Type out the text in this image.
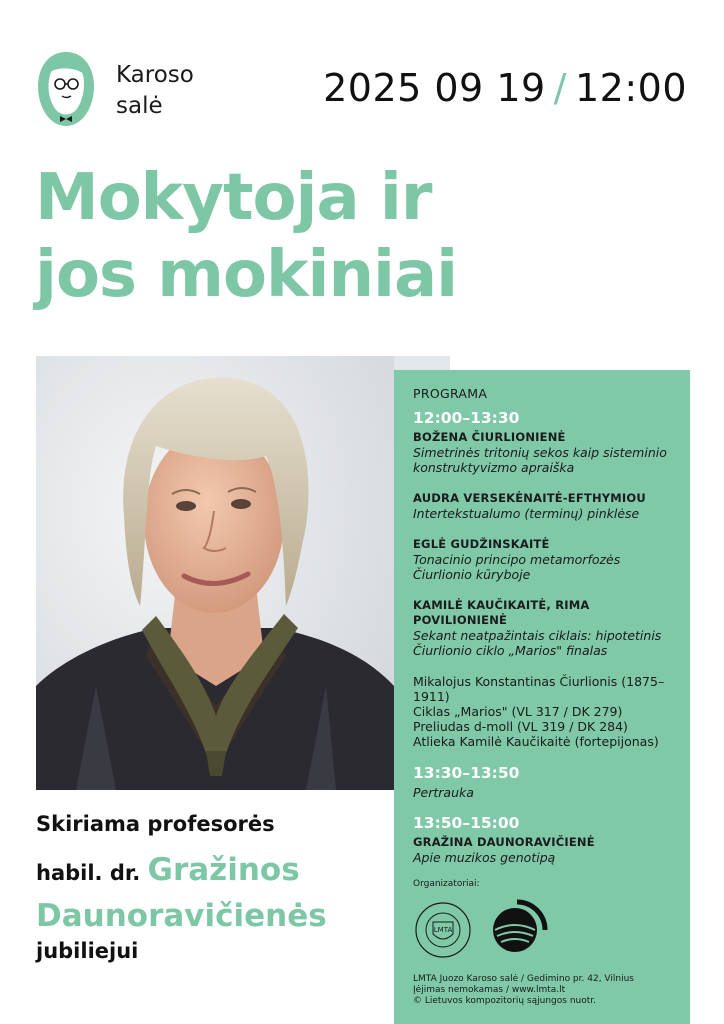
Karoso
salė	2025 09 19 / 12:00
Mokytoja ir
jos mokiniai
Skiriama profesorės
habil. dr. Gražinos
Daunoravičienės
jubiliejui
PROGRAMA
12:00–13:30
BOŽENA ČIURLIONIENĖ
Simetrinės tritonių sekos kaip sisteminio konstruktyvizmo apraiška
AUDRA VERSEKĖNAITĖ-EFTHYMIOU
Intertekstualumo (terminų) pinklėse
EGLĖ GUDŽINSKAITĖ
Tonacinio principo metamorfozės Čiurlionio kūryboje
KAMILĖ KAUČIKAITĖ, RIMA POVILIONIENĖ
Sekant neatpažintais ciklais: hipotetinis Čiurlionio ciklo „Marios" finalas
Mikalojus Konstantinas Čiurlionis (1875–1911)
Ciklas „Marios" (VL 317 / DK 279)
Preliudas d-moll (VL 319 / DK 284)
Atlieka Kamilė Kaučikaitė (fortepijonas)
13:30–13:50
Pertrauka
13:50–15:00
GRAŽINA DAUNORAVIČIENĖ
Apie muzikos genotipą
Organizatoriai:
LMTA
LMTA Juozo Karoso salė / Gedimino pr. 42, Vilnius
Įėjimas nemokamas / www.lmta.lt
© Lietuvos kompozitorių sąjungos nuotr.
